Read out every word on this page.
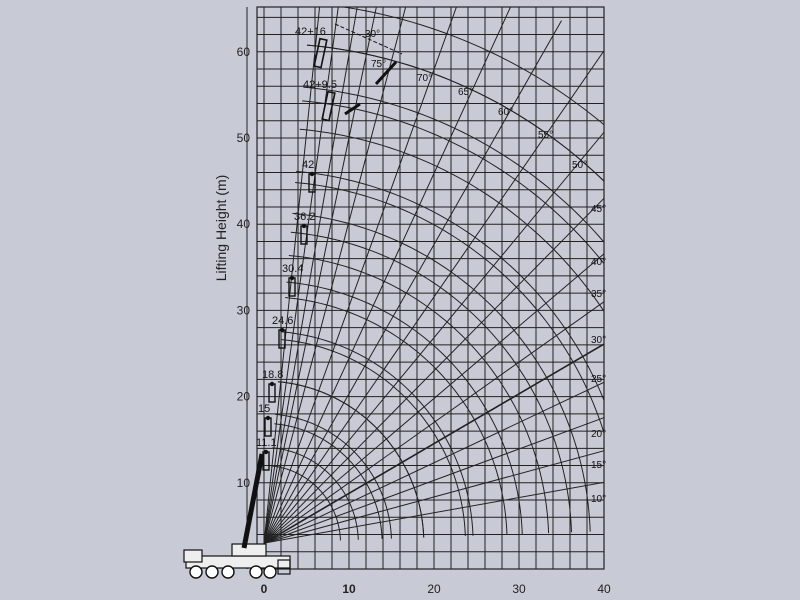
0	10	20	30	40
10
20
30
40
50
60
10°
15°
20°
25°
30°
35°
40°
45°
50°
55°
60°
65°
70°
75°
30°
11.1
15
18.8
24.6
30.4
36.2
42
42+9.5
42+16
Lifting Height (m)
